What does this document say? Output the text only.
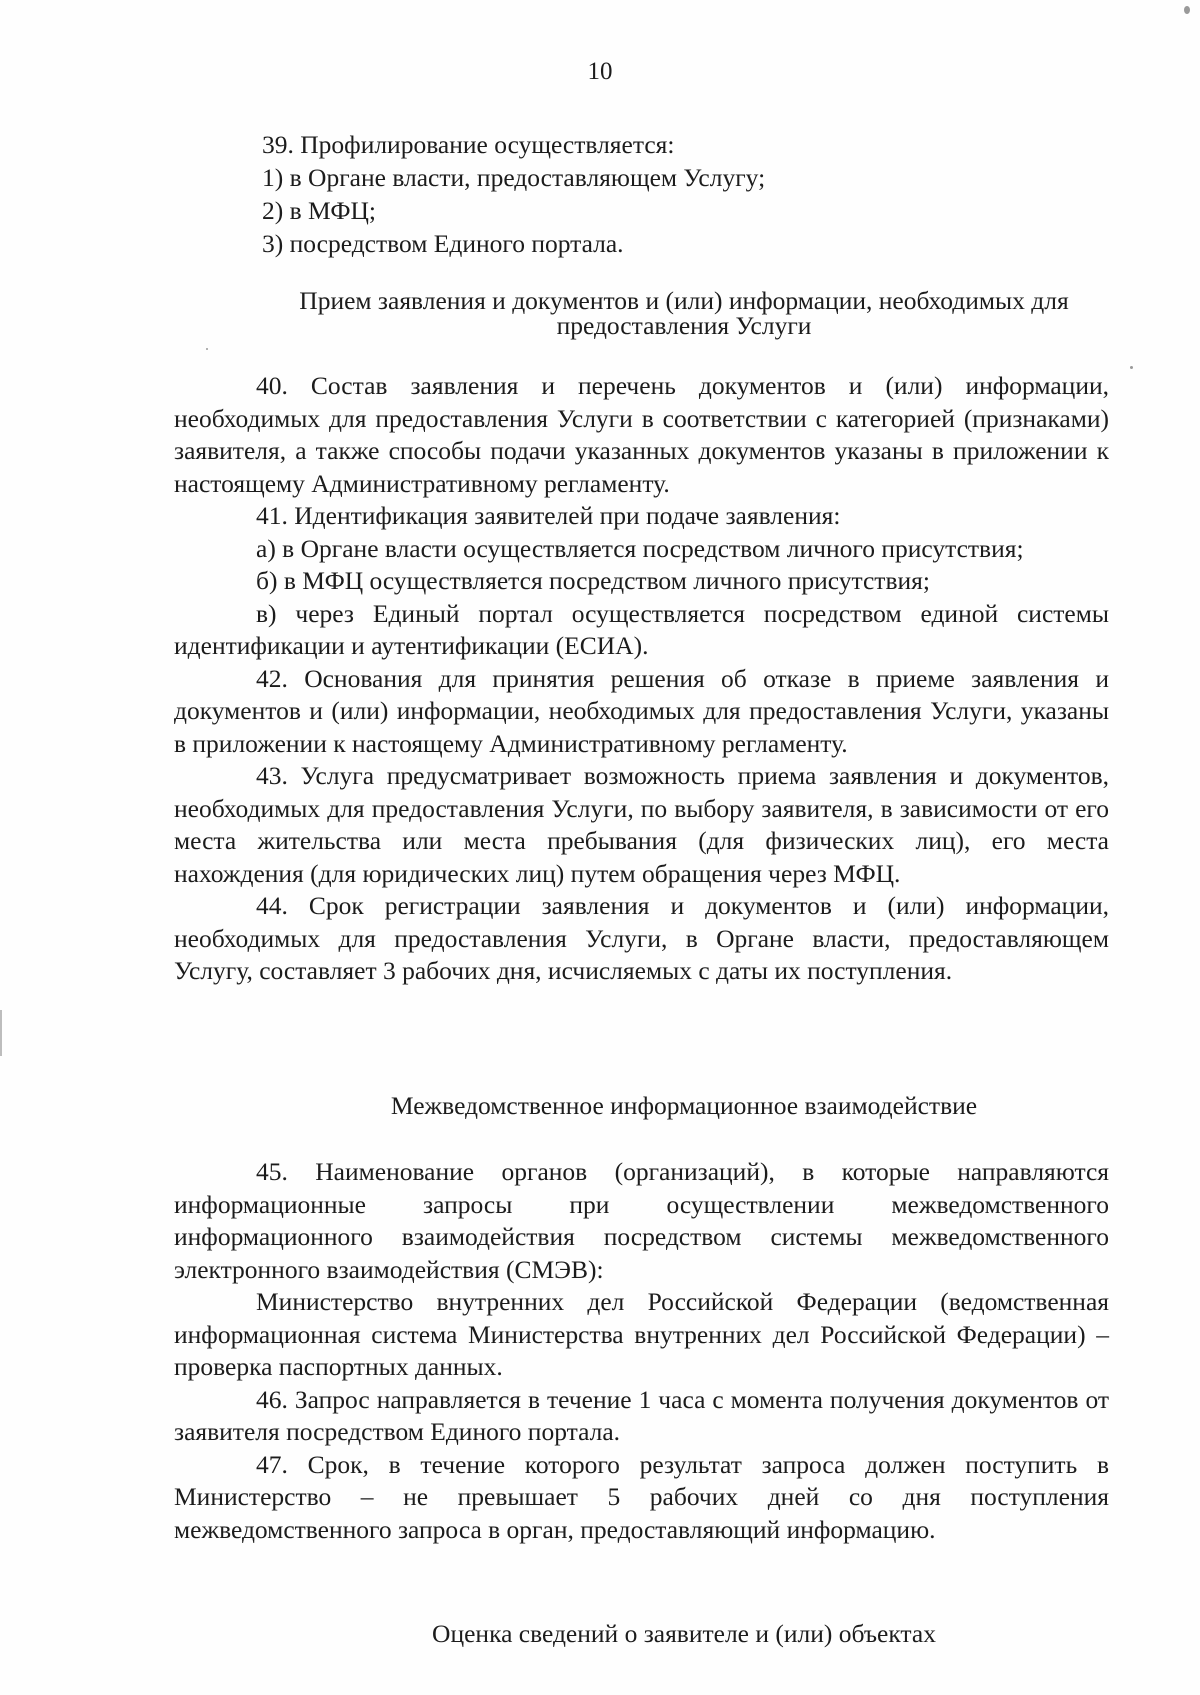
10

39. Профилирование осуществляется:

1) в Органе власти, предоставляющем Услугу;

2) в МФЦ;

3) посредством Единого портала.

Прием заявления и документов и (или) информации, необходимых для предоставления Услуги

40. Состав заявления и перечень документов и (или) информации, необходимых для предоставления Услуги в соответствии с категорией (признаками) заявителя, а также способы подачи указанных документов указаны в приложении к настоящему Административному регламенту.

41. Идентификация заявителей при подаче заявления:

а) в Органе власти осуществляется посредством личного присутствия;

б) в МФЦ осуществляется посредством личного присутствия;

в) через Единый портал осуществляется посредством единой системы идентификации и аутентификации (ЕСИА).

42. Основания для принятия решения об отказе в приеме заявления и документов и (или) информации, необходимых для предоставления Услуги, указаны в приложении к настоящему Административному регламенту.

43. Услуга предусматривает возможность приема заявления и документов, необходимых для предоставления Услуги, по выбору заявителя, в зависимости от его места жительства или места пребывания (для физических лиц), его места нахождения (для юридических лиц) путем обращения через МФЦ.

44. Срок регистрации заявления и документов и (или) информации, необходимых для предоставления Услуги, в Органе власти, предоставляющем Услугу, составляет 3 рабочих дня, исчисляемых с даты их поступления.

Межведомственное информационное взаимодействие

45. Наименование органов (организаций), в которые направляются информационные запросы при осуществлении межведомственного информационного взаимодействия посредством системы межведомственного электронного взаимодействия (СМЭВ):

Министерство внутренних дел Российской Федерации (ведомственная информационная система Министерства внутренних дел Российской Федерации) – проверка паспортных данных.

46. Запрос направляется в течение 1 часа с момента получения документов от заявителя посредством Единого портала.

47. Срок, в течение которого результат запроса должен поступить в Министерство – не превышает 5 рабочих дней со дня поступления межведомственного запроса в орган, предоставляющий информацию.

Оценка сведений о заявителе и (или) объектах
